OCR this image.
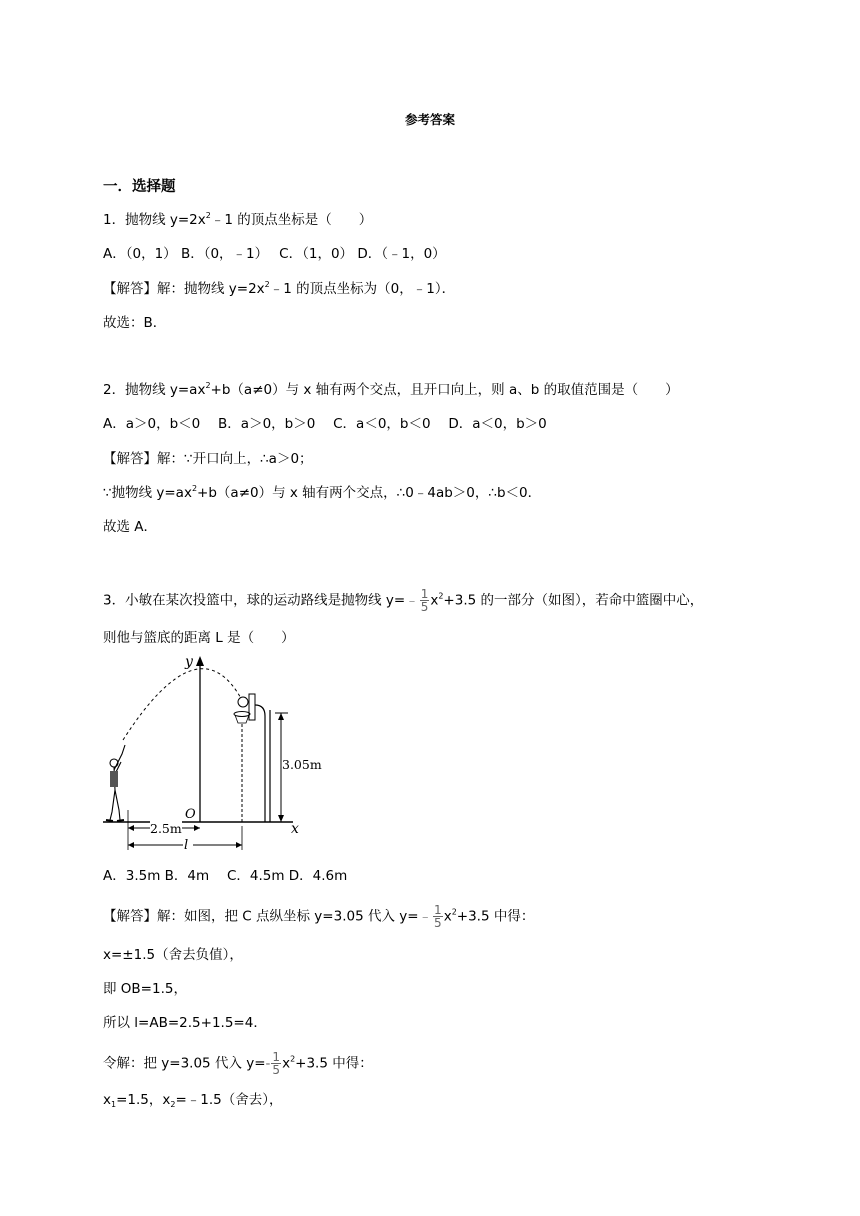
参考答案
一．选择题
1．抛物线 $y=2x^2﹣1$ 的顶点坐标是（　　）
A．（0，1） B．（0，﹣1）　 C．（1，0） D．（﹣1，0）
【解答】解：抛物线 $y=2x^2﹣1$ 的顶点坐标为（0，﹣1）．
故选：B．
2．抛物线 $y=ax^2+b(a\ne 0)$与 x 轴有两个交点，且开口向上，则 a、b 的取值范围是（　　）
A．a＞0，b＜0　 B．a＞0，b＞0　 C．a＜0，b＜0　 D．a＜0，b＞0
【解答】解：∵开口向上，∴a＞0；
∵抛物线 $y=ax^2+b(a\ne 0)$与 x 轴有两个交点，∴0﹣4ab＞0，∴b＜0．
故选 A．
3．小敏在某次投篮中，球的运动路线是抛物线 y=﹣ $\frac{1}{5} x^2+3.5$ 的一部分（如图），若命中篮圈中心，
则他与篮底的距离 L 是（　　）
x
y
O
3.05m
2.5m
l
A．3.5m B．4m　 C．4.5m D．4.6m
【解答】解：如图，把 C 点纵坐标 y=3.05 代入 y=﹣ $\frac{1}{5} x^2+3.5$ 中得：
x=±1.5（舍去负值），
即 OB=1.5，
所以 l=AB=2.5+1.5=4．
令解：把 y=3.05 代入 $y=- \frac{1}{5} x^2+3.5$ 中得：
$x_1=1.5$，$x_2=﹣1.5$（舍去），
